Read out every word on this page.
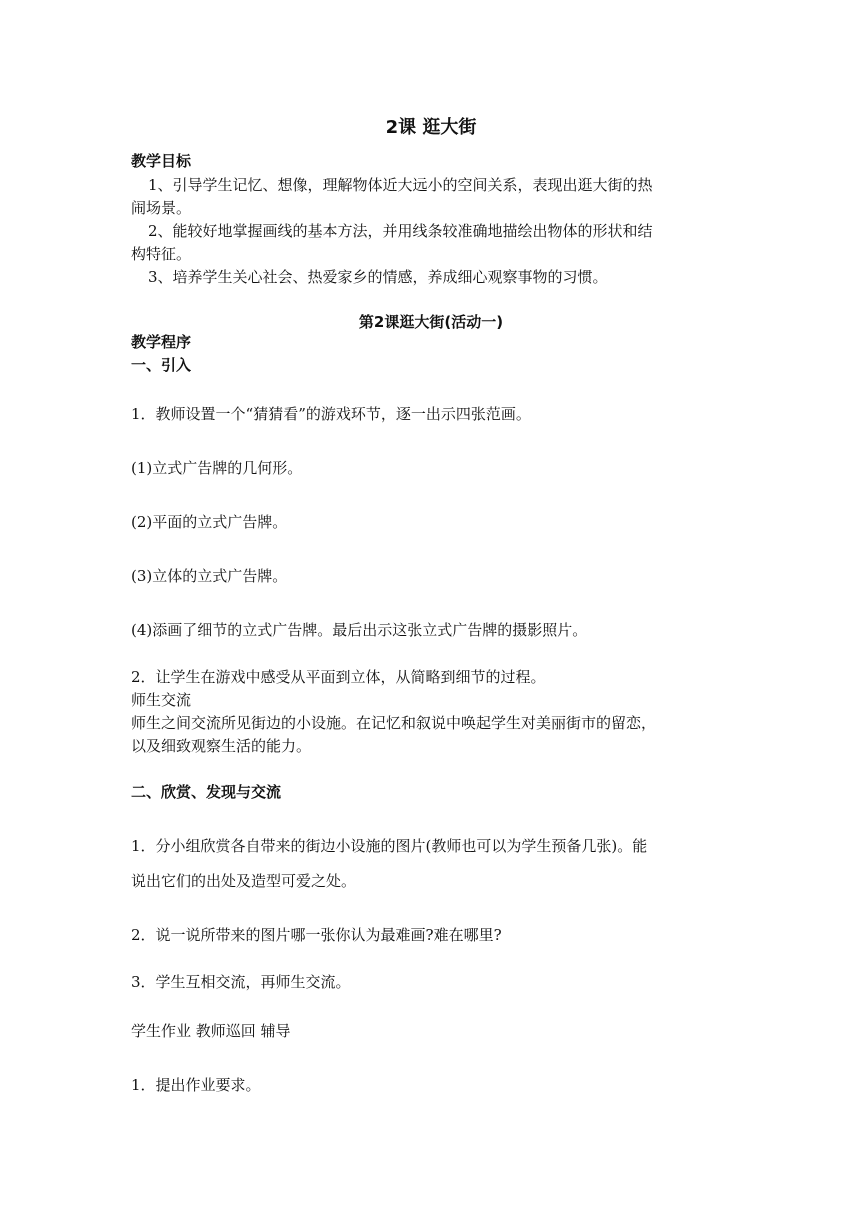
2课 逛大街
教学目标
1、引导学生记忆、想像，理解物体近大远小的空间关系，表现出逛大街的热
闹场景。
2、能较好地掌握画线的基本方法，并用线条较准确地描绘出物体的形状和结
构特征。
3、培养学生关心社会、热爱家乡的情感，养成细心观察事物的习惯。
第2课逛大街(活动一)
教学程序
一、引入
1．教师设置一个“猜猜看”的游戏环节，逐一出示四张范画。
(1)立式广告牌的几何形。
(2)平面的立式广告牌。
(3)立体的立式广告牌。
(4)添画了细节的立式广告牌。最后出示这张立式广告牌的摄影照片。
2．让学生在游戏中感受从平面到立体，从简略到细节的过程。
师生交流
师生之间交流所见街边的小设施。在记忆和叙说中唤起学生对美丽街市的留恋，
以及细致观察生活的能力。
二、欣赏、发现与交流
1．分小组欣赏各自带来的街边小设施的图片(教师也可以为学生预备几张)。能
说出它们的出处及造型可爱之处。
2．说一说所带来的图片哪一张你认为最难画?难在哪里?
3．学生互相交流，再师生交流。
学生作业 教师巡回 辅导
1．提出作业要求。
